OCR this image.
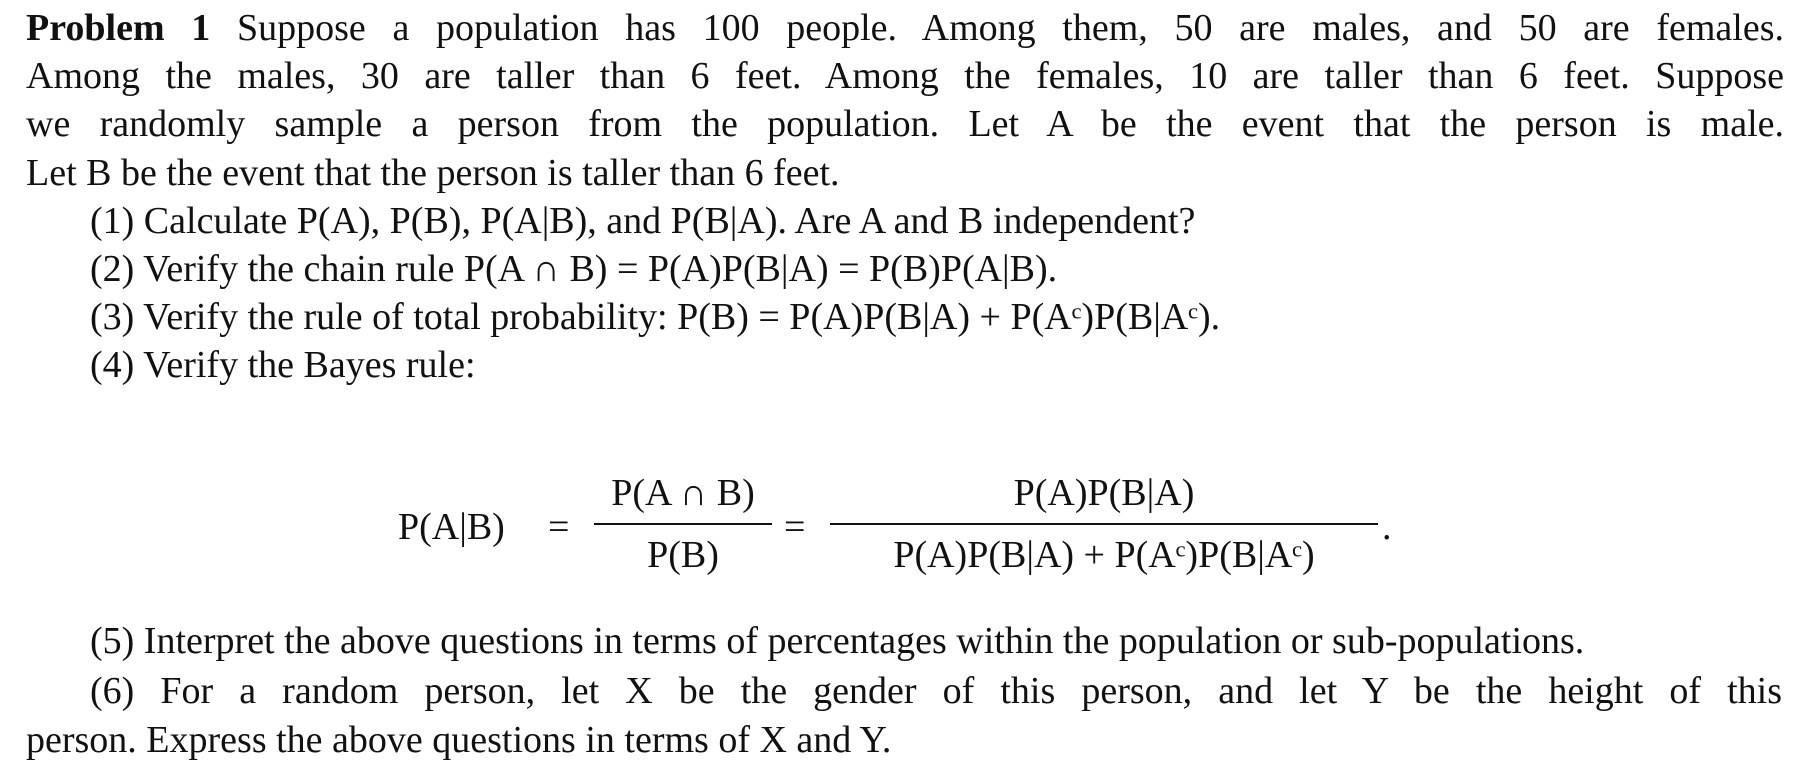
Problem 1 Suppose a population has 100 people. Among them, 50 are males, and 50 are females.
Among the males, 30 are taller than 6 feet. Among the females, 10 are taller than 6 feet. Suppose
we randomly sample a person from the population. Let A be the event that the person is male.
Let B be the event that the person is taller than 6 feet.
(1) Calculate P(A), P(B), P(A|B), and P(B|A). Are A and B independent?
(2) Verify the chain rule P(A ∩ B) = P(A)P(B|A) = P(B)P(A|B).
(3) Verify the rule of total probability: P(B) = P(A)P(B|A) + P(Aᶜ)P(B|Aᶜ).
(4) Verify the Bayes rule:
P(A|B) =
P(A ∩ B)
P(B)
=
P(A)P(B|A)
P(A)P(B|A) + P(Aᶜ)P(B|Aᶜ)
.
(5) Interpret the above questions in terms of percentages within the population or sub-populations.
(6) For a random person, let X be the gender of this person, and let Y be the height of this
person. Express the above questions in terms of X and Y.
